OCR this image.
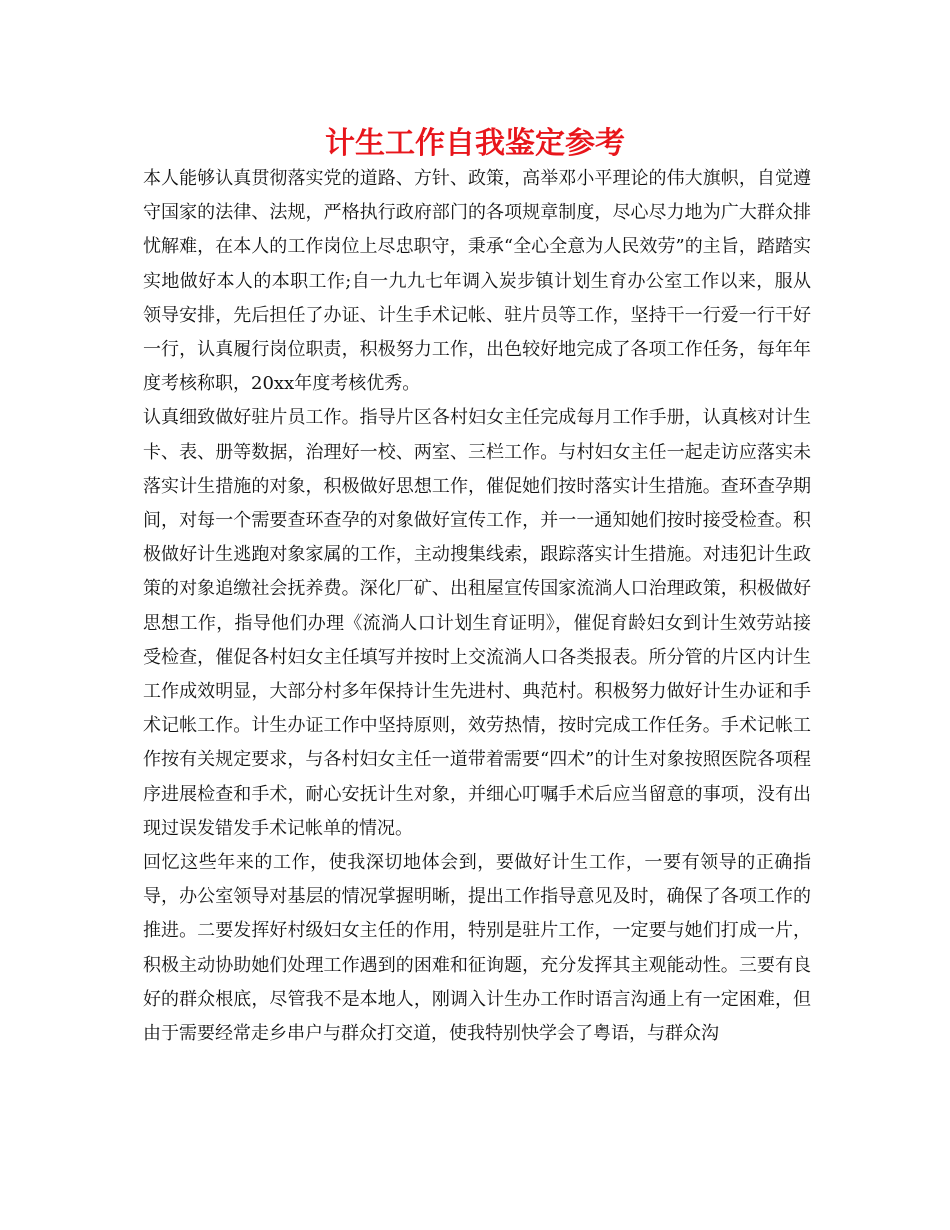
计生工作自我鉴定参考

本人能够认真贯彻落实党的道路、方针、政策，高举邓小平理论的伟大旗帜，自觉遵守国家的法律、法规，严格执行政府部门的各项规章制度，尽心尽力地为广大群众排忧解难，在本人的工作岗位上尽忠职守，秉承“全心全意为人民效劳”的主旨，踏踏实实地做好本人的本职工作;自一九九七年调入炭步镇计划生育办公室工作以来，服从领导安排，先后担任了办证、计生手术记帐、驻片员等工作，坚持干一行爱一行干好一行，认真履行岗位职责，积极努力工作，出色较好地完成了各项工作任务，每年年度考核称职，20xx年度考核优秀。

认真细致做好驻片员工作。指导片区各村妇女主任完成每月工作手册，认真核对计生卡、表、册等数据，治理好一校、两室、三栏工作。与村妇女主任一起走访应落实未落实计生措施的对象，积极做好思想工作，催促她们按时落实计生措施。查环查孕期间，对每一个需要查环查孕的对象做好宣传工作，并一一通知她们按时接受检查。积极做好计生逃跑对象家属的工作，主动搜集线索，跟踪落实计生措施。对违犯计生政策的对象追缴社会抚养费。深化厂矿、出租屋宣传国家流淌人口治理政策，积极做好思想工作，指导他们办理《流淌人口计划生育证明》，催促育龄妇女到计生效劳站接受检查，催促各村妇女主任填写并按时上交流淌人口各类报表。所分管的片区内计生工作成效明显，大部分村多年保持计生先进村、典范村。积极努力做好计生办证和手术记帐工作。计生办证工作中坚持原则，效劳热情，按时完成工作任务。手术记帐工作按有关规定要求，与各村妇女主任一道带着需要“四术”的计生对象按照医院各项程序进展检查和手术，耐心安抚计生对象，并细心叮嘱手术后应当留意的事项，没有出现过误发错发手术记帐单的情况。

回忆这些年来的工作，使我深切地体会到，要做好计生工作，一要有领导的正确指导，办公室领导对基层的情况掌握明晰，提出工作指导意见及时，确保了各项工作的推进。二要发挥好村级妇女主任的作用，特别是驻片工作，一定要与她们打成一片，积极主动协助她们处理工作遇到的困难和征询题，充分发挥其主观能动性。三要有良好的群众根底，尽管我不是本地人，刚调入计生办工作时语言沟通上有一定困难，但由于需要经常走乡串户与群众打交道，使我特别快学会了粤语，与群众沟
